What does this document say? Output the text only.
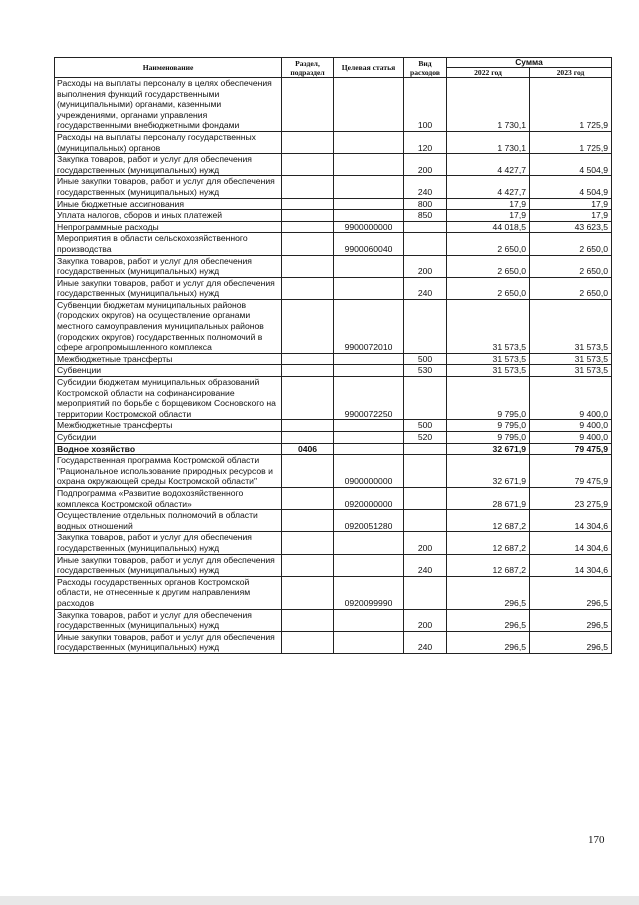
Наименование	Раздел, подраздел	Целевая статья	Вид расходов	Сумма	
				2022 год	2023 год
Расходы на выплаты персоналу в целях обеспечения выполнения функций государственными (муниципальными) органами, казенными учреждениями, органами управления государственными внебюджетными фондами			100	1 730,1	1 725,9
Расходы на выплаты персоналу государственных (муниципальных) органов			120	1 730,1	1 725,9
Закупка товаров, работ и услуг для обеспечения государственных (муниципальных) нужд			200	4 427,7	4 504,9
Иные закупки товаров, работ и услуг для обеспечения государственных (муниципальных) нужд			240	4 427,7	4 504,9
Иные бюджетные ассигнования			800	17,9	17,9
Уплата налогов, сборов и иных платежей			850	17,9	17,9
Непрограммные расходы		9900000000		44 018,5	43 623,5
Мероприятия в области сельскохозяйственного производства		9900060040		2 650,0	2 650,0
Закупка товаров, работ и услуг для обеспечения государственных (муниципальных) нужд			200	2 650,0	2 650,0
Иные закупки товаров, работ и услуг для обеспечения государственных (муниципальных) нужд			240	2 650,0	2 650,0
Субвенции бюджетам муниципальных районов (городских округов) на осуществление органами местного самоуправления муниципальных районов (городских округов) государственных полномочий в сфере агропромышленного комплекса		9900072010		31 573,5	31 573,5
Межбюджетные трансферты			500	31 573,5	31 573,5
Субвенции			530	31 573,5	31 573,5
Субсидии бюджетам муниципальных образований Костромской области на софинансирование мероприятий по борьбе с борщевиком Сосновского на территории Костромской области		9900072250		9 795,0	9 400,0
Межбюджетные трансферты			500	9 795,0	9 400,0
Субсидии			520	9 795,0	9 400,0
Водное хозяйство	0406			32 671,9	79 475,9
Государственная программа Костромской области "Рациональное использование природных ресурсов и охрана окружающей среды Костромской области"		0900000000		32 671,9	79 475,9
Подпрограмма «Развитие водохозяйственного комплекса Костромской области»		0920000000		28 671,9	23 275,9
Осуществление отдельных полномочий в области водных отношений		0920051280		12 687,2	14 304,6
Закупка товаров, работ и услуг для обеспечения государственных (муниципальных) нужд			200	12 687,2	14 304,6
Иные закупки товаров, работ и услуг для обеспечения государственных (муниципальных) нужд			240	12 687,2	14 304,6
Расходы государственных органов Костромской области, не отнесенные к другим направлениям расходов		0920099990		296,5	296,5
Закупка товаров, работ и услуг для обеспечения государственных (муниципальных) нужд			200	296,5	296,5
Иные закупки товаров, работ и услуг для обеспечения государственных (муниципальных) нужд			240	296,5	296,5
170
